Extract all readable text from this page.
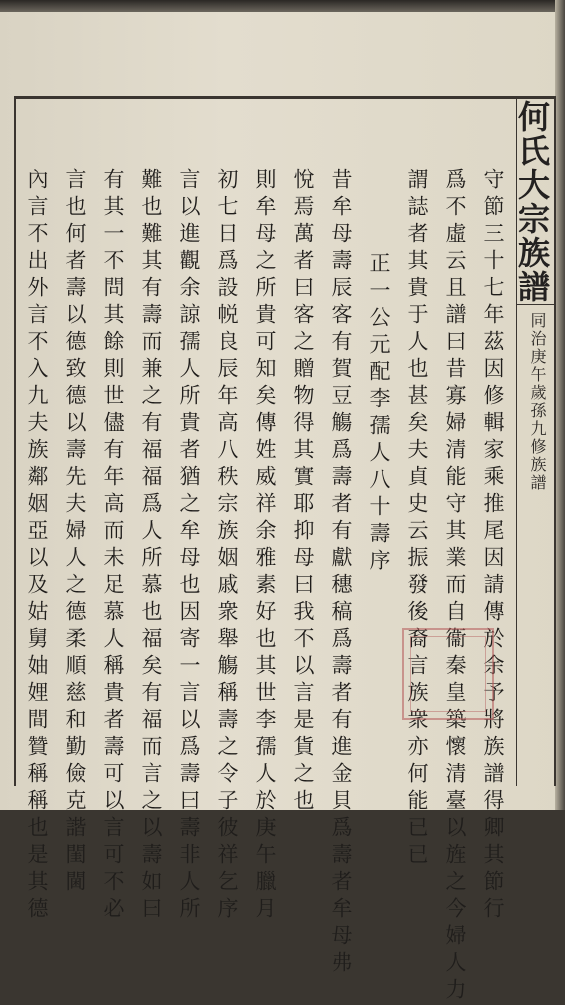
何氏大宗族譜
同治庚午歲孫九修族譜
守節三十七年茲因修輯家乘推尾因請傳於余予將族譜得卿其節行
爲不虛云且譜曰昔寡婦清能守其業而自衞秦皇築懷清臺以旌之今婦人力
謂誌者其貴于人也甚矣夫貞史云振發後裔言族衆亦何能已已
正一公元配李孺人八十壽序
昔牟母壽辰客有賀豆觴爲壽者有獻穗稿爲壽者有進金貝爲壽者牟母弗
悅焉萬者曰客之贈物得其實耶抑母曰我不以言是貨之也
則牟母之所貴可知矣傳姓威祥余雅素好也其世李孺人於庚午臘月
初七日爲設帨良辰年高八秩宗族姻戚衆舉觴稱壽之令子彼祥乞序
言以進觀余諒孺人所貴者猶之牟母也因寄一言以爲壽曰壽非人所
難也難其有壽而兼之有福福爲人所慕也福矣有福而言之以壽如曰
有其一不問其餘則世儘有年高而未足慕人稱貴者壽可以言可不必
言也何者壽以德致德以壽先夫婦人之德柔順慈和勤儉克諧閨閫
內言不出外言不入九夫族鄰姻亞以及姑舅妯娌間贊稱稱也是其德
